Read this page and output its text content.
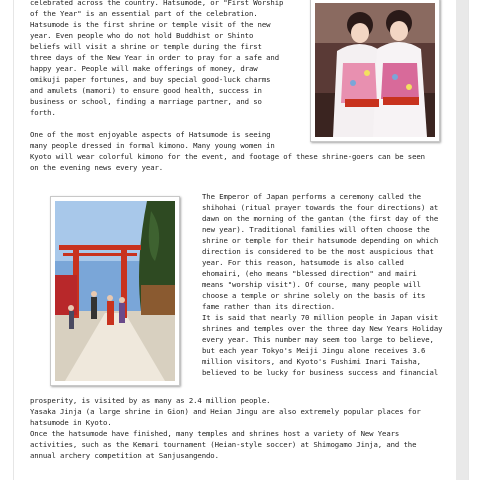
celebrated across the country. Hatsumode, or "First Worship

of the Year" is an essential part of the celebration.

Hatsumode is the first shrine or temple visit of the new

year. Even people who do not hold Buddhist or Shinto

beliefs will visit a shrine or temple during the first

three days of the New Year in order to pray for a safe and

happy year. People will make offerings of money, draw

omikuji paper fortunes, and buy special good-luck charms

and amulets (mamori) to ensure good health, success in

business or school, finding a marriage partner, and so

forth.

One of the most enjoyable aspects of Hatsumode is seeing

many people dressed in formal kimono. Many young women in

Kyoto will wear colorful kimono for the event, and footage of these shrine-goers can be seen

on the evening news every year.

The Emperor of Japan performs a ceremony called the

shihohai (ritual prayer towards the four directions) at

dawn on the morning of the gantan (the first day of the

new year). Traditional families will often choose the

shrine or temple for their hatsumode depending on which

direction is considered to be the most auspicious that

year. For this reason, hatsumode is also called

ehomairi, (eho means "blessed direction" and mairi

means "worship visit"). Of course, many people will

choose a temple or shrine solely on the basis of its

fame rather than its direction.

It is said that nearly 70 million people in Japan visit

shrines and temples over the three day New Years Holiday

every year. This number may seem too large to believe,

but each year Tokyo's Meiji Jingu alone receives 3.6

million visitors, and Kyoto's Fushimi Inari Taisha,

believed to be lucky for business success and financial

prosperity, is visited by as many as 2.4 million people.

Yasaka Jinja (a large shrine in Gion) and Heian Jingu are also extremely popular places for

hatsumode in Kyoto.

Once the hatsumode have finished, many temples and shrines host a variety of New Years

activities, such as the Kemari tournament (Heian-style soccer) at Shimogamo Jinja, and the

annual archery competition at Sanjusangendo.
